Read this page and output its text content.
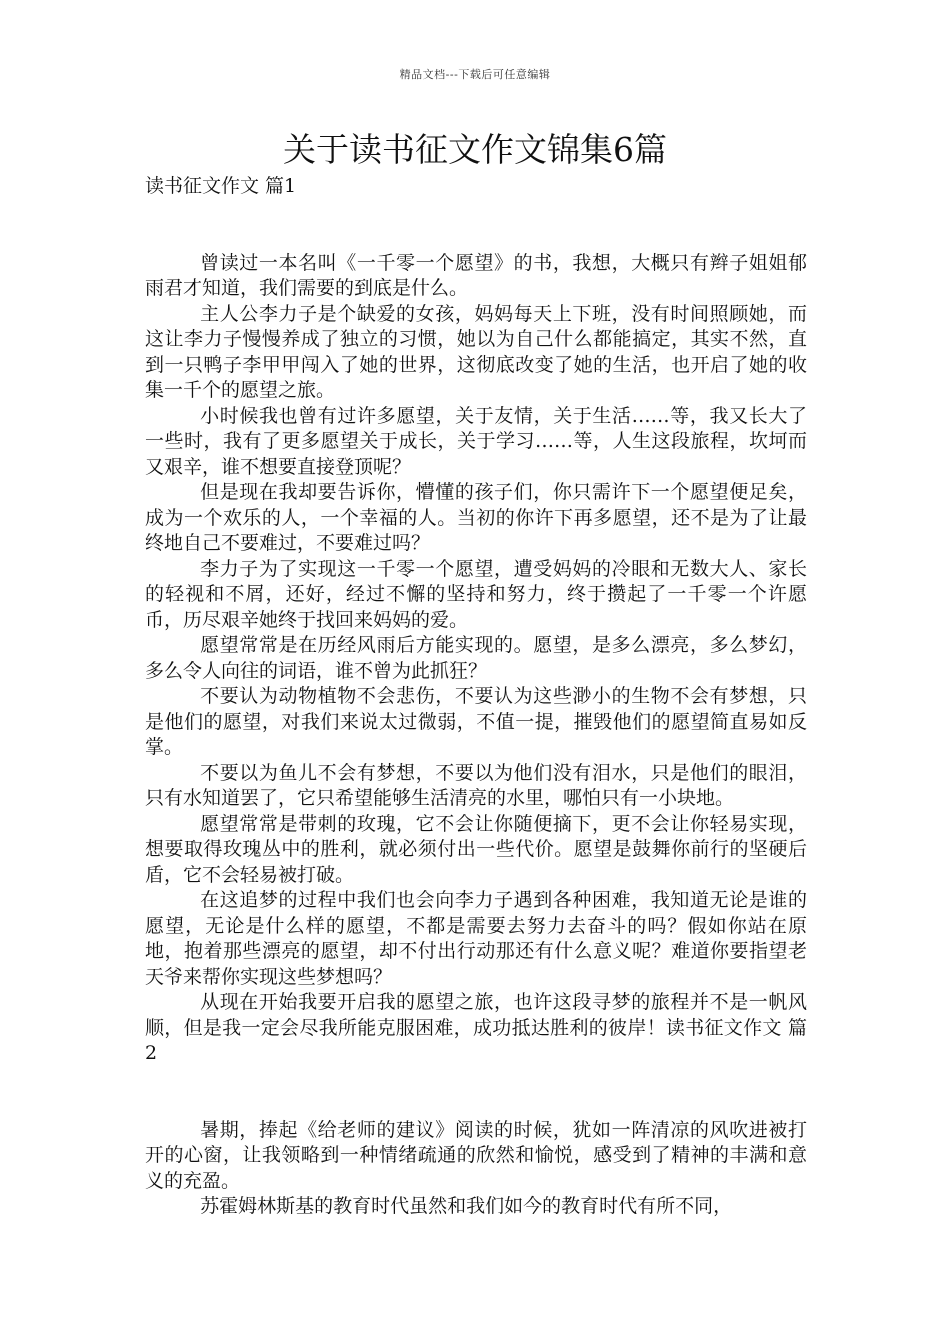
精品文档---下载后可任意编辑
关于读书征文作文锦集6篇

读书征文作文 篇1

曾读过一本名叫《一千零一个愿望》的书，我想，大概只有辫子姐姐郁雨君才知道，我们需要的到底是什么。

主人公李力子是个缺爱的女孩，妈妈每天上下班，没有时间照顾她，而这让李力子慢慢养成了独立的习惯，她以为自己什么都能搞定，其实不然，直到一只鸭子李甲甲闯入了她的世界，这彻底改变了她的生活，也开启了她的收集一千个的愿望之旅。

小时候我也曾有过许多愿望，关于友情，关于生活……等，我又长大了一些时，我有了更多愿望关于成长，关于学习……等，人生这段旅程，坎坷而又艰辛，谁不想要直接登顶呢？

但是现在我却要告诉你，懵懂的孩子们，你只需许下一个愿望便足矣，成为一个欢乐的人，一个幸福的人。当初的你许下再多愿望，还不是为了让最终地自己不要难过，不要难过吗？

李力子为了实现这一千零一个愿望，遭受妈妈的冷眼和无数大人、家长的轻视和不屑，还好，经过不懈的坚持和努力，终于攒起了一千零一个许愿币，历尽艰辛她终于找回来妈妈的爱。

愿望常常是在历经风雨后方能实现的。愿望，是多么漂亮，多么梦幻，多么令人向往的词语，谁不曾为此抓狂？

不要认为动物植物不会悲伤，不要认为这些渺小的生物不会有梦想，只是他们的愿望，对我们来说太过微弱，不值一提，摧毁他们的愿望简直易如反掌。

不要以为鱼儿不会有梦想，不要以为他们没有泪水，只是他们的眼泪，只有水知道罢了，它只希望能够生活清亮的水里，哪怕只有一小块地。

愿望常常是带刺的玫瑰，它不会让你随便摘下，更不会让你轻易实现，想要取得玫瑰丛中的胜利，就必须付出一些代价。愿望是鼓舞你前行的坚硬后盾，它不会轻易被打破。

在这追梦的过程中我们也会向李力子遇到各种困难，我知道无论是谁的愿望，无论是什么样的愿望，不都是需要去努力去奋斗的吗？假如你站在原地，抱着那些漂亮的愿望，却不付出行动那还有什么意义呢？难道你要指望老天爷来帮你实现这些梦想吗？

从现在开始我要开启我的愿望之旅，也许这段寻梦的旅程并不是一帆风顺，但是我一定会尽我所能克服困难，成功抵达胜利的彼岸！读书征文作文 篇2

暑期，捧起《给老师的建议》阅读的时候，犹如一阵清凉的风吹进被打开的心窗，让我领略到一种情绪疏通的欣然和愉悦，感受到了精神的丰满和意义的充盈。

苏霍姆林斯基的教育时代虽然和我们如今的教育时代有所不同，
